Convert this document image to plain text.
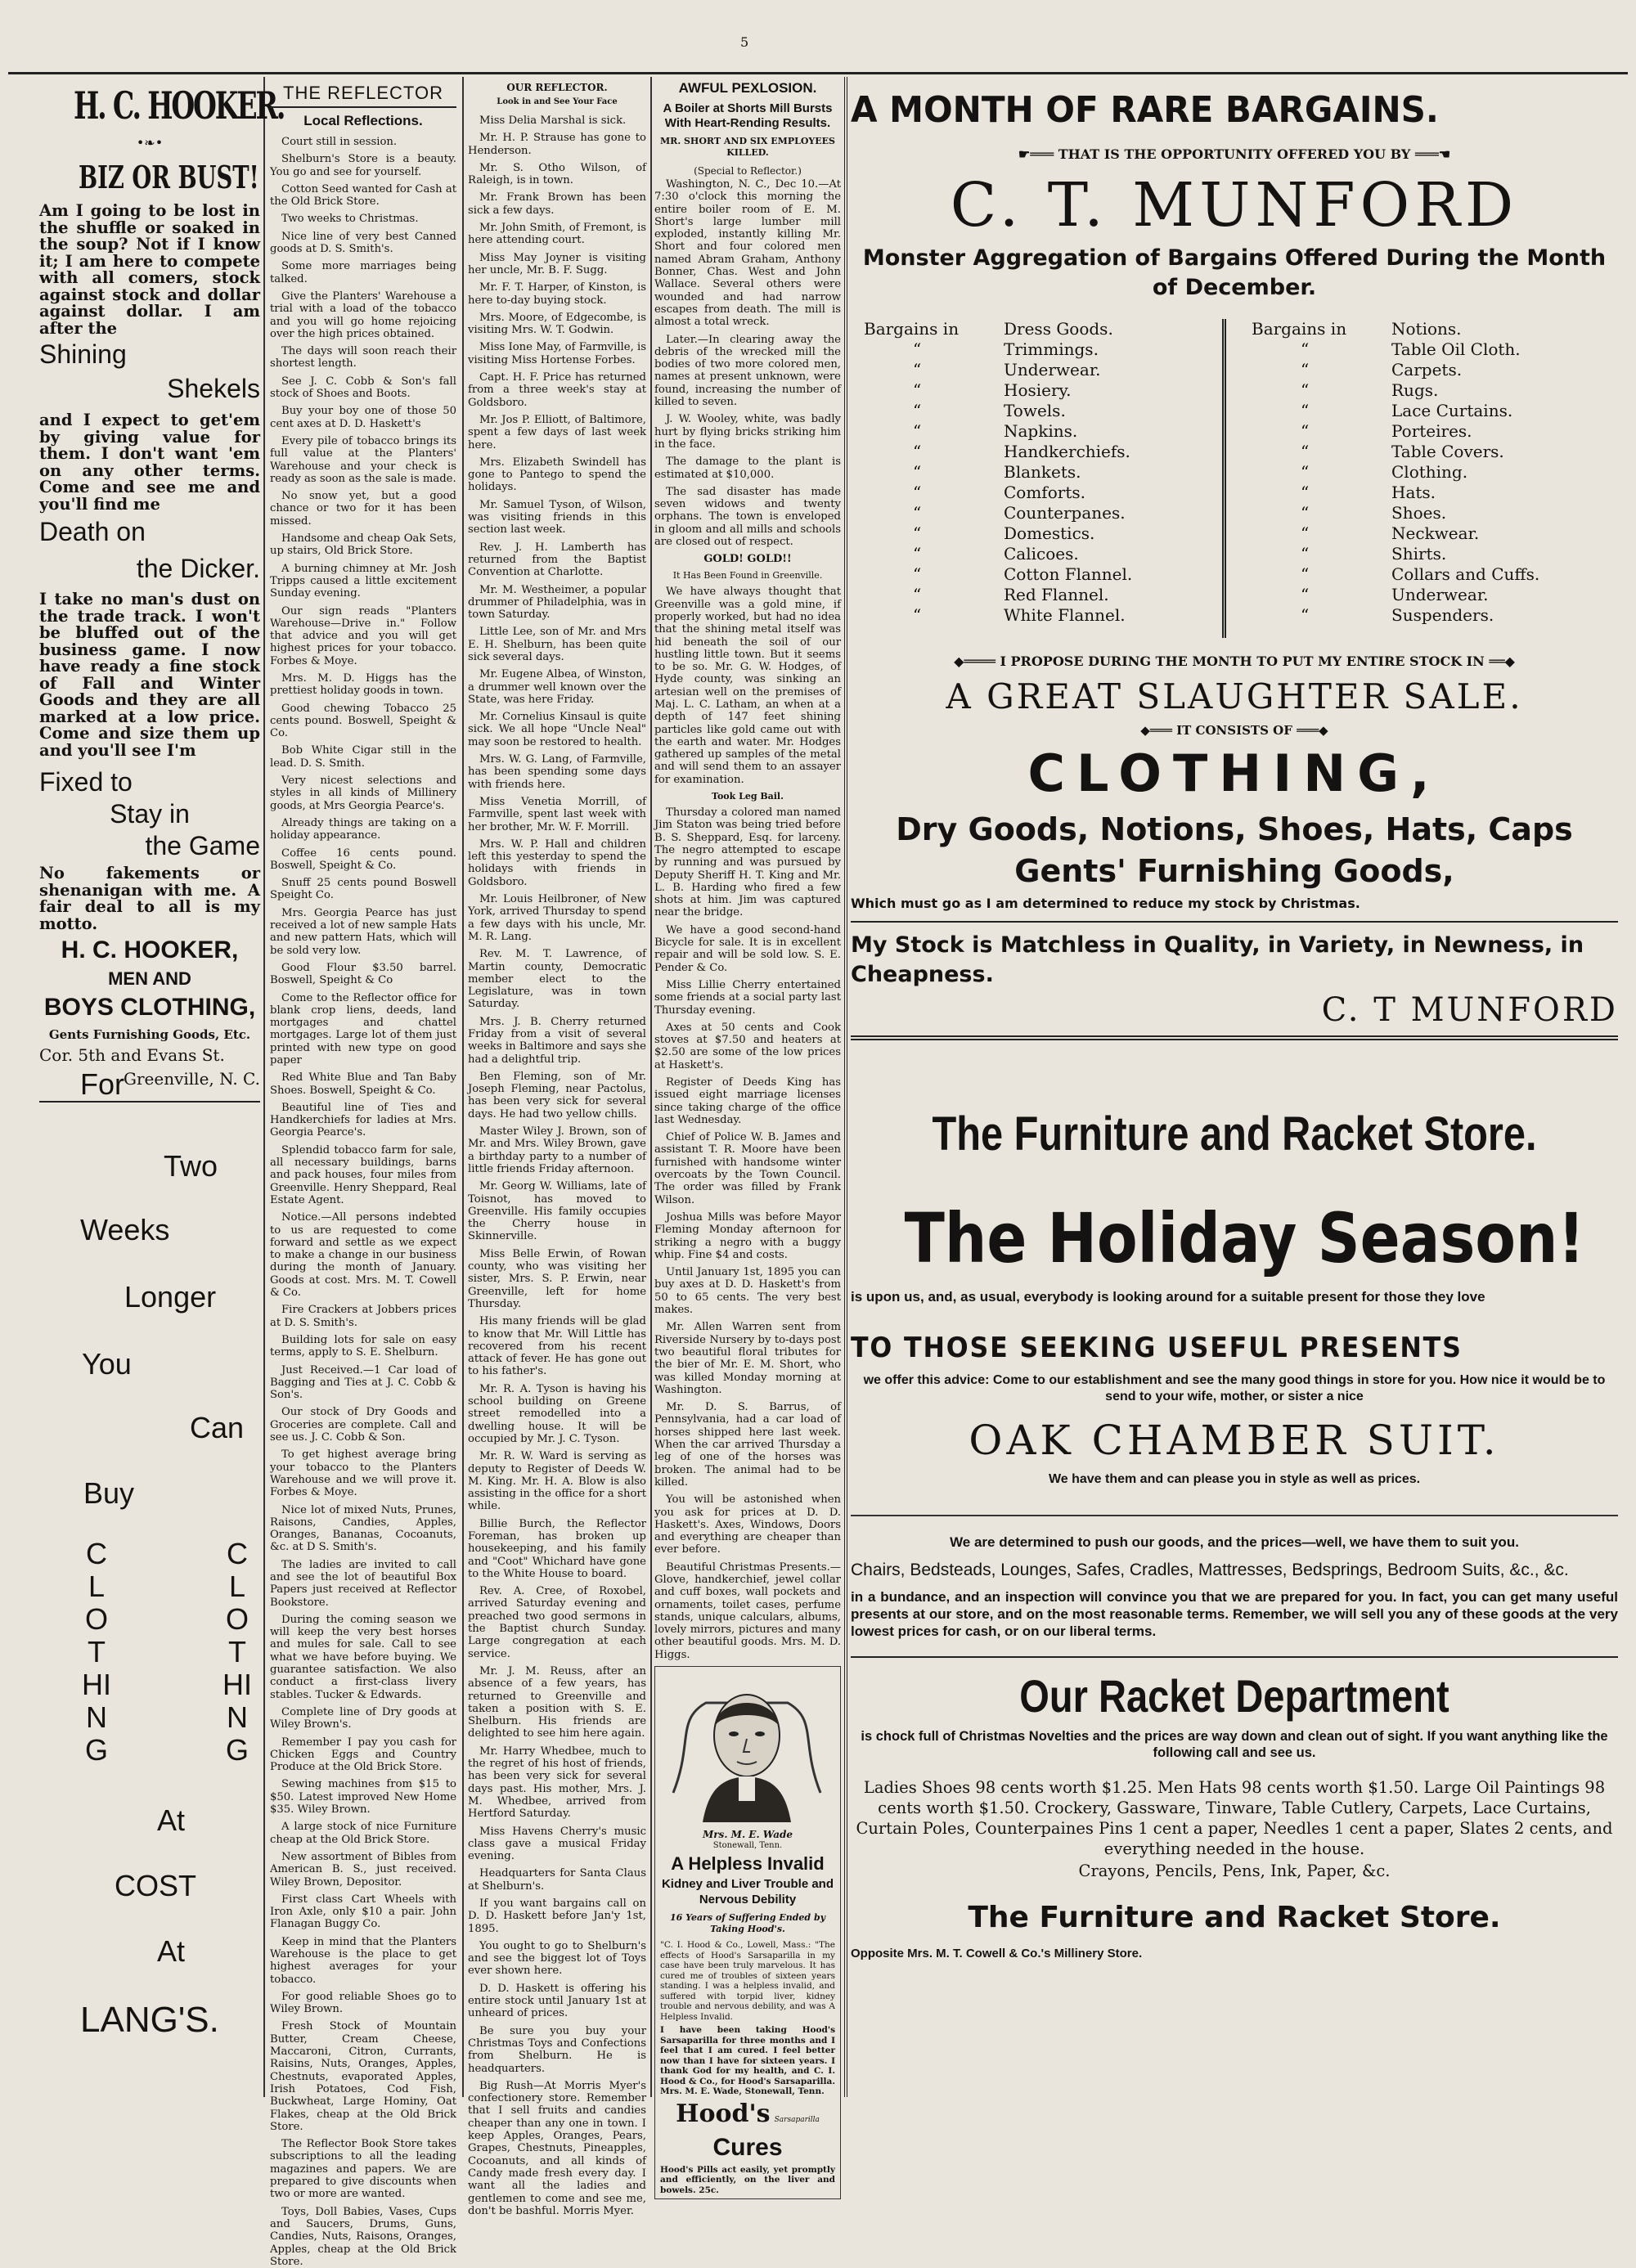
5
H. C. HOOKER.
•❧•
BIZ OR BUST!
Am I going to be lost in the shuffle or soaked in the soup? Not if I know it; I am here to compete with all comers, stock against stock and dollar against dollar. I am after the
Shining
Shekels
and I expect to get'em by giving value for them. I don't want 'em on any other terms. Come and see me and you'll find me
Death on
the Dicker.
I take no man's dust on the trade track. I won't be bluffed out of the business game. I now have ready a fine stock of Fall and Winter Goods and they are all marked at a low price. Come and size them up and you'll see I'm
Fixed to
Stay in
the Game
No fakements or shenanigan with me. A fair deal to all is my motto.
H. C. HOOKER,
MEN AND
BOYS CLOTHING,
Gents Furnishing Goods, Etc.
Cor. 5th and Evans St.
Greenville, N. C.
For
Two
Weeks
Longer
You
Can
Buy
CLOTHING
CLOTHING
At
COST
At
LANG'S.
THE REFLECTOR
Local Reflections.

Court still in session.

Shelburn's Store is a beauty. You go and see for yourself.

Cotton Seed wanted for Cash at the Old Brick Store.

Two weeks to Christmas.

Nice line of very best Canned goods at D. S. Smith's.

Some more marriages being talked.

Give the Planters' Warehouse a trial with a load of the tobacco and you will go home rejoicing over the high prices obtained.

The days will soon reach their shortest length.

See J. C. Cobb & Son's fall stock of Shoes and Boots.

Buy your boy one of those 50 cent axes at D. D. Haskett's

Every pile of tobacco brings its full value at the Planters' Warehouse and your check is ready as soon as the sale is made.

No snow yet, but a good chance or two for it has been missed.

Handsome and cheap Oak Sets, up stairs, Old Brick Store.

A burning chimney at Mr. Josh Tripps caused a little excitement Sunday evening.

Our sign reads "Planters Warehouse—Drive in." Follow that advice and you will get highest prices for your tobacco. Forbes & Moye.

Mrs. M. D. Higgs has the prettiest holiday goods in town.

Good chewing Tobacco 25 cents pound. Boswell, Speight & Co.

Bob White Cigar still in the lead. D. S. Smith.

Very nicest selections and styles in all kinds of Millinery goods, at Mrs Georgia Pearce's.

Already things are taking on a holiday appearance.

Coffee 16 cents pound. Boswell, Speight & Co.

Snuff 25 cents pound Boswell Speight Co.

Mrs. Georgia Pearce has just received a lot of new sample Hats and new pattern Hats, which will be sold very low.

Good Flour $3.50 barrel. Boswell, Speight & Co

Come to the Reflector office for blank crop liens, deeds, land mortgages and chattel mortgages. Large lot of them just printed with new type on good paper

Red White Blue and Tan Baby Shoes. Boswell, Speight & Co.

Beautiful line of Ties and Handkerchiefs for ladies at Mrs. Georgia Pearce's.

Splendid tobacco farm for sale, all necessary buildings, barns and pack houses, four miles from Greenville. Henry Sheppard, Real Estate Agent.

Notice.—All persons indebted to us are requested to come forward and settle as we expect to make a change in our business during the month of January. Goods at cost. Mrs. M. T. Cowell & Co.

Fire Crackers at Jobbers prices at D. S. Smith's.

Building lots for sale on easy terms, apply to S. E. Shelburn.

Just Received.—1 Car load of Bagging and Ties at J. C. Cobb & Son's.

Our stock of Dry Goods and Groceries are complete. Call and see us. J. C. Cobb & Son.

To get highest average bring your tobacco to the Planters Warehouse and we will prove it. Forbes & Moye.

Nice lot of mixed Nuts, Prunes, Raisons, Candies, Apples, Oranges, Bananas, Cocoanuts, &c. at D S. Smith's.

The ladies are invited to call and see the lot of beautiful Box Papers just received at Reflector Bookstore.

During the coming season we will keep the very best horses and mules for sale. Call to see what we have before buying. We guarantee satisfaction. We also conduct a first-class livery stables. Tucker & Edwards.

Complete line of Dry goods at Wiley Brown's.

Remember I pay you cash for Chicken Eggs and Country Produce at the Old Brick Store.

Sewing machines from $15 to $50. Latest improved New Home $35. Wiley Brown.

A large stock of nice Furniture cheap at the Old Brick Store.

New assortment of Bibles from American B. S., just received. Wiley Brown, Depositor.

First class Cart Wheels with Iron Axle, only $10 a pair. John Flanagan Buggy Co.

Keep in mind that the Planters Warehouse is the place to get highest averages for your tobacco.

For good reliable Shoes go to Wiley Brown.

Fresh Stock of Mountain Butter, Cream Cheese, Maccaroni, Citron, Currants, Raisins, Nuts, Oranges, Apples, Chestnuts, evaporated Apples, Irish Potatoes, Cod Fish, Buckwheat, Large Hominy, Oat Flakes, cheap at the Old Brick Store.

The Reflector Book Store takes subscriptions to all the leading magazines and papers. We are prepared to give discounts when two or more are wanted.

Toys, Doll Babies, Vases, Cups and Saucers, Drums, Guns, Candies, Nuts, Raisons, Oranges, Apples, cheap at the Old Brick Store.

OUR REFLECTOR.
Look in and See Your Face

Miss Delia Marshal is sick.

Mr. H. P. Strause has gone to Henderson.

Mr. S. Otho Wilson, of Raleigh, is in town.

Mr. Frank Brown has been sick a few days.

Mr. John Smith, of Fremont, is here attending court.

Miss May Joyner is visiting her uncle, Mr. B. F. Sugg.

Mr. F. T. Harper, of Kinston, is here to-day buying stock.

Mrs. Moore, of Edgecombe, is visiting Mrs. W. T. Godwin.

Miss Ione May, of Farmville, is visiting Miss Hortense Forbes.

Capt. H. F. Price has returned from a three week's stay at Goldsboro.

Mr. Jos P. Elliott, of Baltimore, spent a few days of last week here.

Mrs. Elizabeth Swindell has gone to Pantego to spend the holidays.

Mr. Samuel Tyson, of Wilson, was visiting friends in this section last week.

Rev. J. H. Lamberth has returned from the Baptist Convention at Charlotte.

Mr. M. Westheimer, a popular drummer of Philadelphia, was in town Saturday.

Little Lee, son of Mr. and Mrs E. H. Shelburn, has been quite sick several days.

Mr. Eugene Albea, of Winston, a drummer well known over the State, was here Friday.

Mr. Cornelius Kinsaul is quite sick. We all hope "Uncle Neal" may soon be restored to health.

Mrs. W. G. Lang, of Farmville, has been spending some days with friends here.

Miss Venetia Morrill, of Farmville, spent last week with her brother, Mr. W. F. Morrill.

Mrs. W. P. Hall and children left this yesterday to spend the holidays with friends in Goldsboro.

Mr. Louis Heilbroner, of New York, arrived Thursday to spend a few days with his uncle, Mr. M. R. Lang.

Rev. M. T. Lawrence, of Martin county, Democratic member elect to the Legislature, was in town Saturday.

Mrs. J. B. Cherry returned Friday from a visit of several weeks in Baltimore and says she had a delightful trip.

Ben Fleming, son of Mr. Joseph Fleming, near Pactolus, has been very sick for several days. He had two yellow chills.

Master Wiley J. Brown, son of Mr. and Mrs. Wiley Brown, gave a birthday party to a number of little friends Friday afternoon.

Mr. Georg W. Williams, late of Toisnot, has moved to Greenville. His family occupies the Cherry house in Skinnerville.

Miss Belle Erwin, of Rowan county, who was visiting her sister, Mrs. S. P. Erwin, near Greenville, left for home Thursday.

His many friends will be glad to know that Mr. Will Little has recovered from his recent attack of fever. He has gone out to his father's.

Mr. R. A. Tyson is having his school building on Greene street remodelled into a dwelling house. It will be occupied by Mr. J. C. Tyson.

Mr. R. W. Ward is serving as deputy to Register of Deeds W. M. King. Mr. H. A. Blow is also assisting in the office for a short while.

Billie Burch, the Reflector Foreman, has broken up housekeeping, and his family and "Coot" Whichard have gone to the White House to board.

Rev. A. Cree, of Roxobel, arrived Saturday evening and preached two good sermons in the Baptist church Sunday. Large congregation at each service.

Mr. J. M. Reuss, after an absence of a few years, has returned to Greenville and taken a position with S. E. Shelburn. His friends are delighted to see him here again.

Mr. Harry Whedbee, much to the regret of his host of friends, has been very sick for several days past. His mother, Mrs. J. M. Whedbee, arrived from Hertford Saturday.

Miss Havens Cherry's music class gave a musical Friday evening.

Headquarters for Santa Claus at Shelburn's.

If you want bargains call on D. D. Haskett before Jan'y 1st, 1895.

You ought to go to Shelburn's and see the biggest lot of Toys ever shown here.

D. D. Haskett is offering his entire stock until January 1st at unheard of prices.

Be sure you buy your Christmas Toys and Confections from Shelburn. He is headquarters.

Big Rush—At Morris Myer's confectionery store. Remember that I sell fruits and candies cheaper than any one in town. I keep Apples, Oranges, Pears, Grapes, Chestnuts, Pineapples, Cocoanuts, and all kinds of Candy made fresh every day. I want all the ladies and gentlemen to come and see me, don't be bashful. Morris Myer.

AWFUL PEXLOSION.
A Boiler at Shorts Mill Bursts With Heart-Rending Results.
MR. SHORT AND SIX EMPLOYEES KILLED.
(Special to Reflector.)

Washington, N. C., Dec 10.—At 7:30 o'clock this morning the entire boiler room of E. M. Short's large lumber mill exploded, instantly killing Mr. Short and four colored men named Abram Graham, Anthony Bonner, Chas. West and John Wallace. Several others were wounded and had narrow escapes from death. The mill is almost a total wreck.

Later.—In clearing away the debris of the wrecked mill the bodies of two more colored men, names at present unknown, were found, increasing the number of killed to seven.

J. W. Wooley, white, was badly hurt by flying bricks striking him in the face.

The damage to the plant is estimated at $10,000.

The sad disaster has made seven widows and twenty orphans. The town is enveloped in gloom and all mills and schools are closed out of respect.

GOLD! GOLD!!
It Has Been Found in Greenville.

We have always thought that Greenville was a gold mine, if properly worked, but had no idea that the shining metal itself was hid beneath the soil of our hustling little town. But it seems to be so. Mr. G. W. Hodges, of Hyde county, was sinking an artesian well on the premises of Maj. L. C. Latham, an when at a depth of 147 feet shining particles like gold came out with the earth and water. Mr. Hodges gathered up samples of the metal and will send them to an assayer for examination.

Took Leg Bail.

Thursday a colored man named Jim Staton was being tried before B. S. Sheppard, Esq. for larceny. The negro attempted to escape by running and was pursued by Deputy Sheriff H. T. King and Mr. L. B. Harding who fired a few shots at him. Jim was captured near the bridge.

We have a good second-hand Bicycle for sale. It is in excellent repair and will be sold low. S. E. Pender & Co.

Miss Lillie Cherry entertained some friends at a social party last Thursday evening.

Axes at 50 cents and Cook stoves at $7.50 and heaters at $2.50 are some of the low prices at Haskett's.

Register of Deeds King has issued eight marriage licenses since taking charge of the office last Wednesday.

Chief of Police W. B. James and assistant T. R. Moore have been furnished with handsome winter overcoats by the Town Council. The order was filled by Frank Wilson.

Joshua Mills was before Mayor Fleming Monday afternoon for striking a negro with a buggy whip. Fine $4 and costs.

Until January 1st, 1895 you can buy axes at D. D. Haskett's from 50 to 65 cents. The very best makes.

Mr. Allen Warren sent from Riverside Nursery by to-days post two beautiful floral tributes for the bier of Mr. E. M. Short, who was killed Monday morning at Washington.

Mr. D. S. Barrus, of Pennsylvania, had a car load of horses shipped here last week. When the car arrived Thursday a leg of one of the horses was broken. The animal had to be killed.

You will be astonished when you ask for prices at D. D. Haskett's. Axes, Windows, Doors and everything are cheaper than ever before.

Beautiful Christmas Presents.—Glove, handkerchief, jewel collar and cuff boxes, wall pockets and ornaments, toilet cases, perfume stands, unique calculars, albums, lovely mirrors, pictures and many other beautiful goods. Mrs. M. D. Higgs.

Mrs. M. E. Wade
Stonewall, Tenn.
A Helpless Invalid
Kidney and Liver Trouble and Nervous Debility
16 Years of Suffering Ended by Taking Hood's.
"C. I. Hood & Co., Lowell, Mass.: "The effects of Hood's Sarsaparilla in my case have been truly marvelous. It has cured me of troubles of sixteen years standing. I was a helpless invalid, and suffered with torpid liver, kidney trouble and nervous debility, and was A Helpless Invalid.
I have been taking Hood's Sarsaparilla for three months and I feel that I am cured. I feel better now than I have for sixteen years. I thank God for my health, and C. I. Hood & Co., for Hood's Sarsaparilla. Mrs. M. E. Wade, Stonewall, Tenn.
Hood's Sarsaparilla Cures
Hood's Pills act easily, yet promptly and efficiently, on the liver and bowels. 25c.
A MONTH OF RARE BARGAINS.
☛═══ THAT IS THE OPPORTUNITY OFFERED YOU BY ═══☚
C. T. MUNFORD
Monster Aggregation of Bargains Offered During the Month of December.
Bargains in	Dress Goods.
“	Trimmings.
“	Underwear.
“	Hosiery.
“	Towels.
“	Napkins.
“	Handkerchiefs.
“	Blankets.
“	Comforts.
“	Counterpanes.
“	Domestics.
“	Calicoes.
“	Cotton Flannel.
“	Red Flannel.
“	White Flannel.
Bargains in	Notions.
“	Table Oil Cloth.
“	Carpets.
“	Rugs.
“	Lace Curtains.
“	Porteires.
“	Table Covers.
“	Clothing.
“	Hats.
“	Shoes.
“	Neckwear.
“	Shirts.
“	Collars and Cuffs.
“	Underwear.
“	Suspenders.
◆════ I PROPOSE DURING THE MONTH TO PUT MY ENTIRE STOCK IN ══◆
A GREAT SLAUGHTER SALE.
◆═══ IT CONSISTS OF ═══◆
CLOTHING,
Dry Goods, Notions, Shoes, Hats, Caps
Gents' Furnishing Goods,
Which must go as I am determined to reduce my stock by Christmas.
My Stock is Matchless in Quality, in Variety, in Newness, in Cheapness.
C. T MUNFORD
The Furniture and Racket Store.
The Holiday Season!
is upon us, and, as usual, everybody is looking around for a suitable present for those they love
TO THOSE SEEKING USEFUL PRESENTS
we offer this advice: Come to our establishment and see the many good things in store for you. How nice it would be to send to your wife, mother, or sister a nice
OAK CHAMBER SUIT.
We have them and can please you in style as well as prices.
We are determined to push our goods, and the prices—well, we have them to suit you.
Chairs, Bedsteads, Lounges, Safes, Cradles, Mattresses, Bedsprings, Bedroom Suits, &c., &c.
in a bundance, and an inspection will convince you that we are prepared for you. In fact, you can get many useful presents at our store, and on the most reasonable terms. Remember, we will sell you any of these goods at the very lowest prices for cash, or on our liberal terms.
Our Racket Department
is chock full of Christmas Novelties and the prices are way down and clean out of sight. If you want anything like the following call and see us.
Ladies Shoes 98 cents worth $1.25. Men Hats 98 cents worth $1.50. Large Oil Paintings 98 cents worth $1.50. Crockery, Gassware, Tinware, Table Cutlery, Carpets, Lace Curtains, Curtain Poles, Counterpaines Pins 1 cent a paper, Needles 1 cent a paper, Slates 2 cents, and everything needed in the house.
Crayons, Pencils, Pens, Ink, Paper, &c.
The Furniture and Racket Store.
Opposite Mrs. M. T. Cowell & Co.'s Millinery Store.
